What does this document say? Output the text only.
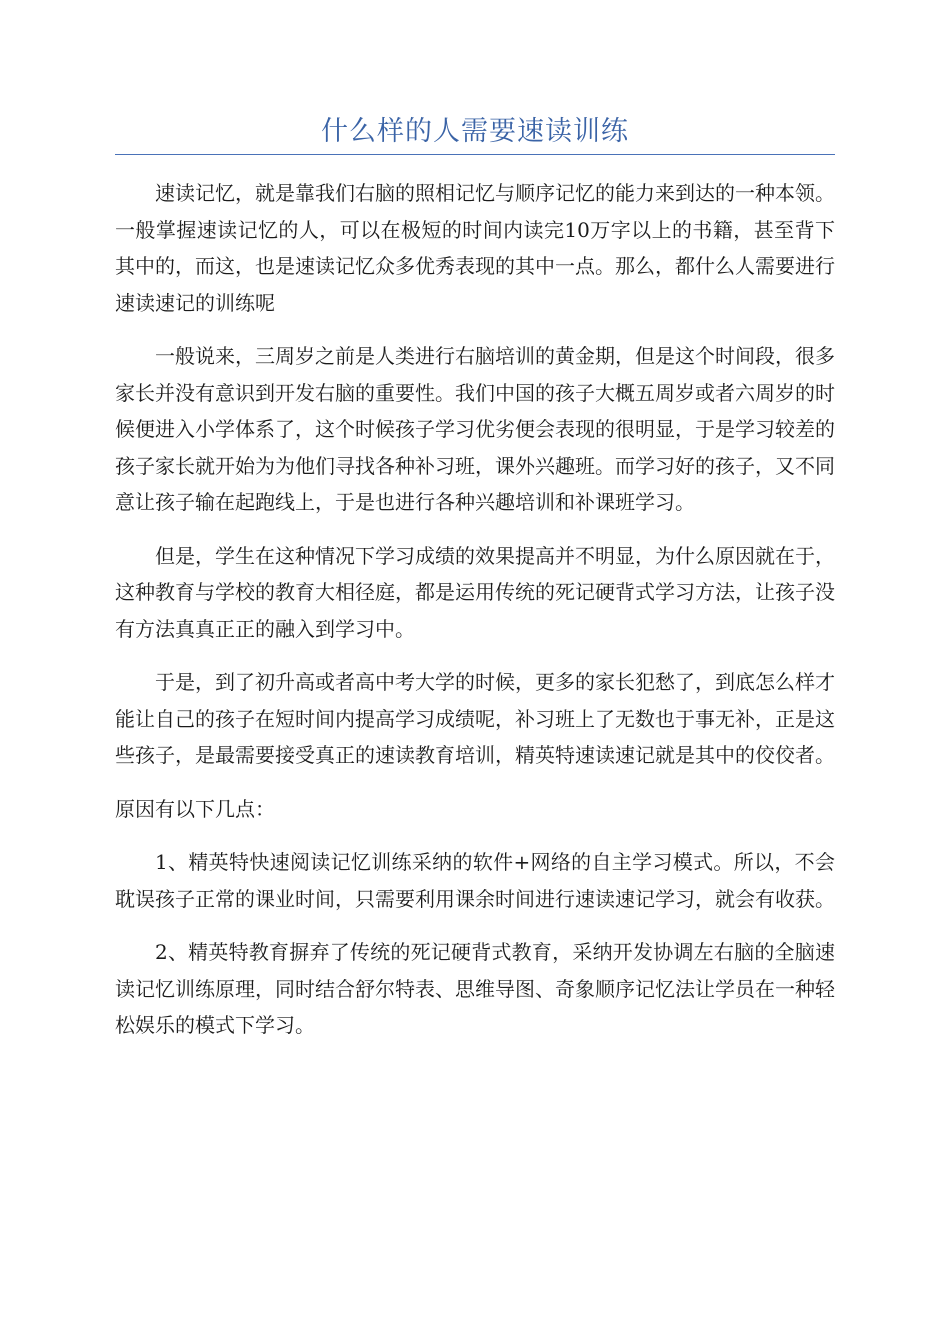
什么样的人需要速读训练

速读记忆，就是靠我们右脑的照相记忆与顺序记忆的能力来到达的一种本领。一般掌握速读记忆的人，可以在极短的时间内读完10万字以上的书籍，甚至背下其中的，而这，也是速读记忆众多优秀表现的其中一点。那么，都什么人需要进行速读速记的训练呢

一般说来，三周岁之前是人类进行右脑培训的黄金期，但是这个时间段，很多家长并没有意识到开发右脑的重要性。我们中国的孩子大概五周岁或者六周岁的时候便进入小学体系了，这个时候孩子学习优劣便会表现的很明显，于是学习较差的孩子家长就开始为为他们寻找各种补习班，课外兴趣班。而学习好的孩子，又不同意让孩子输在起跑线上，于是也进行各种兴趣培训和补课班学习。

但是，学生在这种情况下学习成绩的效果提高并不明显，为什么原因就在于，这种教育与学校的教育大相径庭，都是运用传统的死记硬背式学习方法，让孩子没有方法真真正正的融入到学习中。

于是，到了初升高或者高中考大学的时候，更多的家长犯愁了，到底怎么样才能让自己的孩子在短时间内提高学习成绩呢，补习班上了无数也于事无补，正是这些孩子，是最需要接受真正的速读教育培训，精英特速读速记就是其中的佼佼者。

原因有以下几点：

1、精英特快速阅读记忆训练采纳的软件+网络的自主学习模式。所以，不会耽误孩子正常的课业时间，只需要利用课余时间进行速读速记学习，就会有收获。

2、精英特教育摒弃了传统的死记硬背式教育，采纳开发协调左右脑的全脑速读记忆训练原理，同时结合舒尔特表、思维导图、奇象顺序记忆法让学员在一种轻松娱乐的模式下学习。
